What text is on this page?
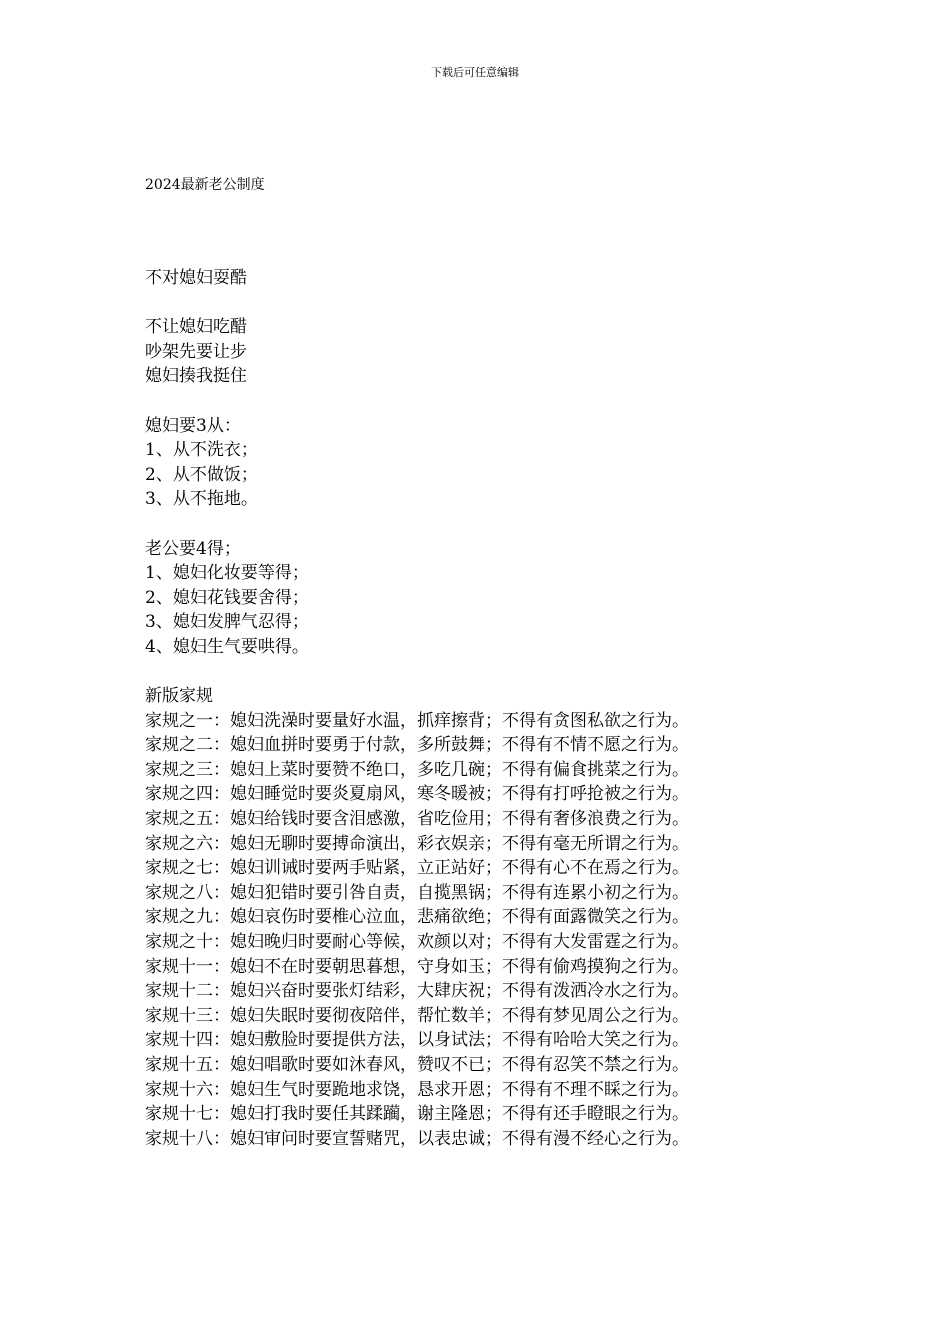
下载后可任意编辑
2024最新老公制度
不对媳妇耍酷
不让媳妇吃醋
吵架先要让步
媳妇揍我挺住
媳妇要3从：
1、从不洗衣；
2、从不做饭；
3、从不拖地。
老公要4得；
1、媳妇化妆要等得；
2、媳妇花钱要舍得；
3、媳妇发脾气忍得；
4、媳妇生气要哄得。
新版家规
家规之一：媳妇洗澡时要量好水温，抓痒擦背；不得有贪图私欲之行为。
家规之二：媳妇血拼时要勇于付款，多所鼓舞；不得有不情不愿之行为。
家规之三：媳妇上菜时要赞不绝口，多吃几碗；不得有偏食挑菜之行为。
家规之四：媳妇睡觉时要炎夏扇风，寒冬暖被；不得有打呼抢被之行为。
家规之五：媳妇给钱时要含泪感激，省吃俭用；不得有奢侈浪费之行为。
家规之六：媳妇无聊时要搏命演出，彩衣娱亲；不得有毫无所谓之行为。
家规之七：媳妇训诫时要两手贴紧，立正站好；不得有心不在焉之行为。
家规之八：媳妇犯错时要引咎自责，自揽黑锅；不得有连累小初之行为。
家规之九：媳妇哀伤时要椎心泣血，悲痛欲绝；不得有面露微笑之行为。
家规之十：媳妇晚归时要耐心等候，欢颜以对；不得有大发雷霆之行为。
家规十一：媳妇不在时要朝思暮想，守身如玉；不得有偷鸡摸狗之行为。
家规十二：媳妇兴奋时要张灯结彩，大肆庆祝；不得有泼洒冷水之行为。
家规十三：媳妇失眠时要彻夜陪伴，帮忙数羊；不得有梦见周公之行为。
家规十四：媳妇敷脸时要提供方法，以身试法；不得有哈哈大笑之行为。
家规十五：媳妇唱歌时要如沐春风，赞叹不已；不得有忍笑不禁之行为。
家规十六：媳妇生气时要跪地求饶，恳求开恩；不得有不理不睬之行为。
家规十七：媳妇打我时要任其蹂躏，谢主隆恩；不得有还手瞪眼之行为。
家规十八：媳妇审问时要宣誓赌咒，以表忠诚；不得有漫不经心之行为。
